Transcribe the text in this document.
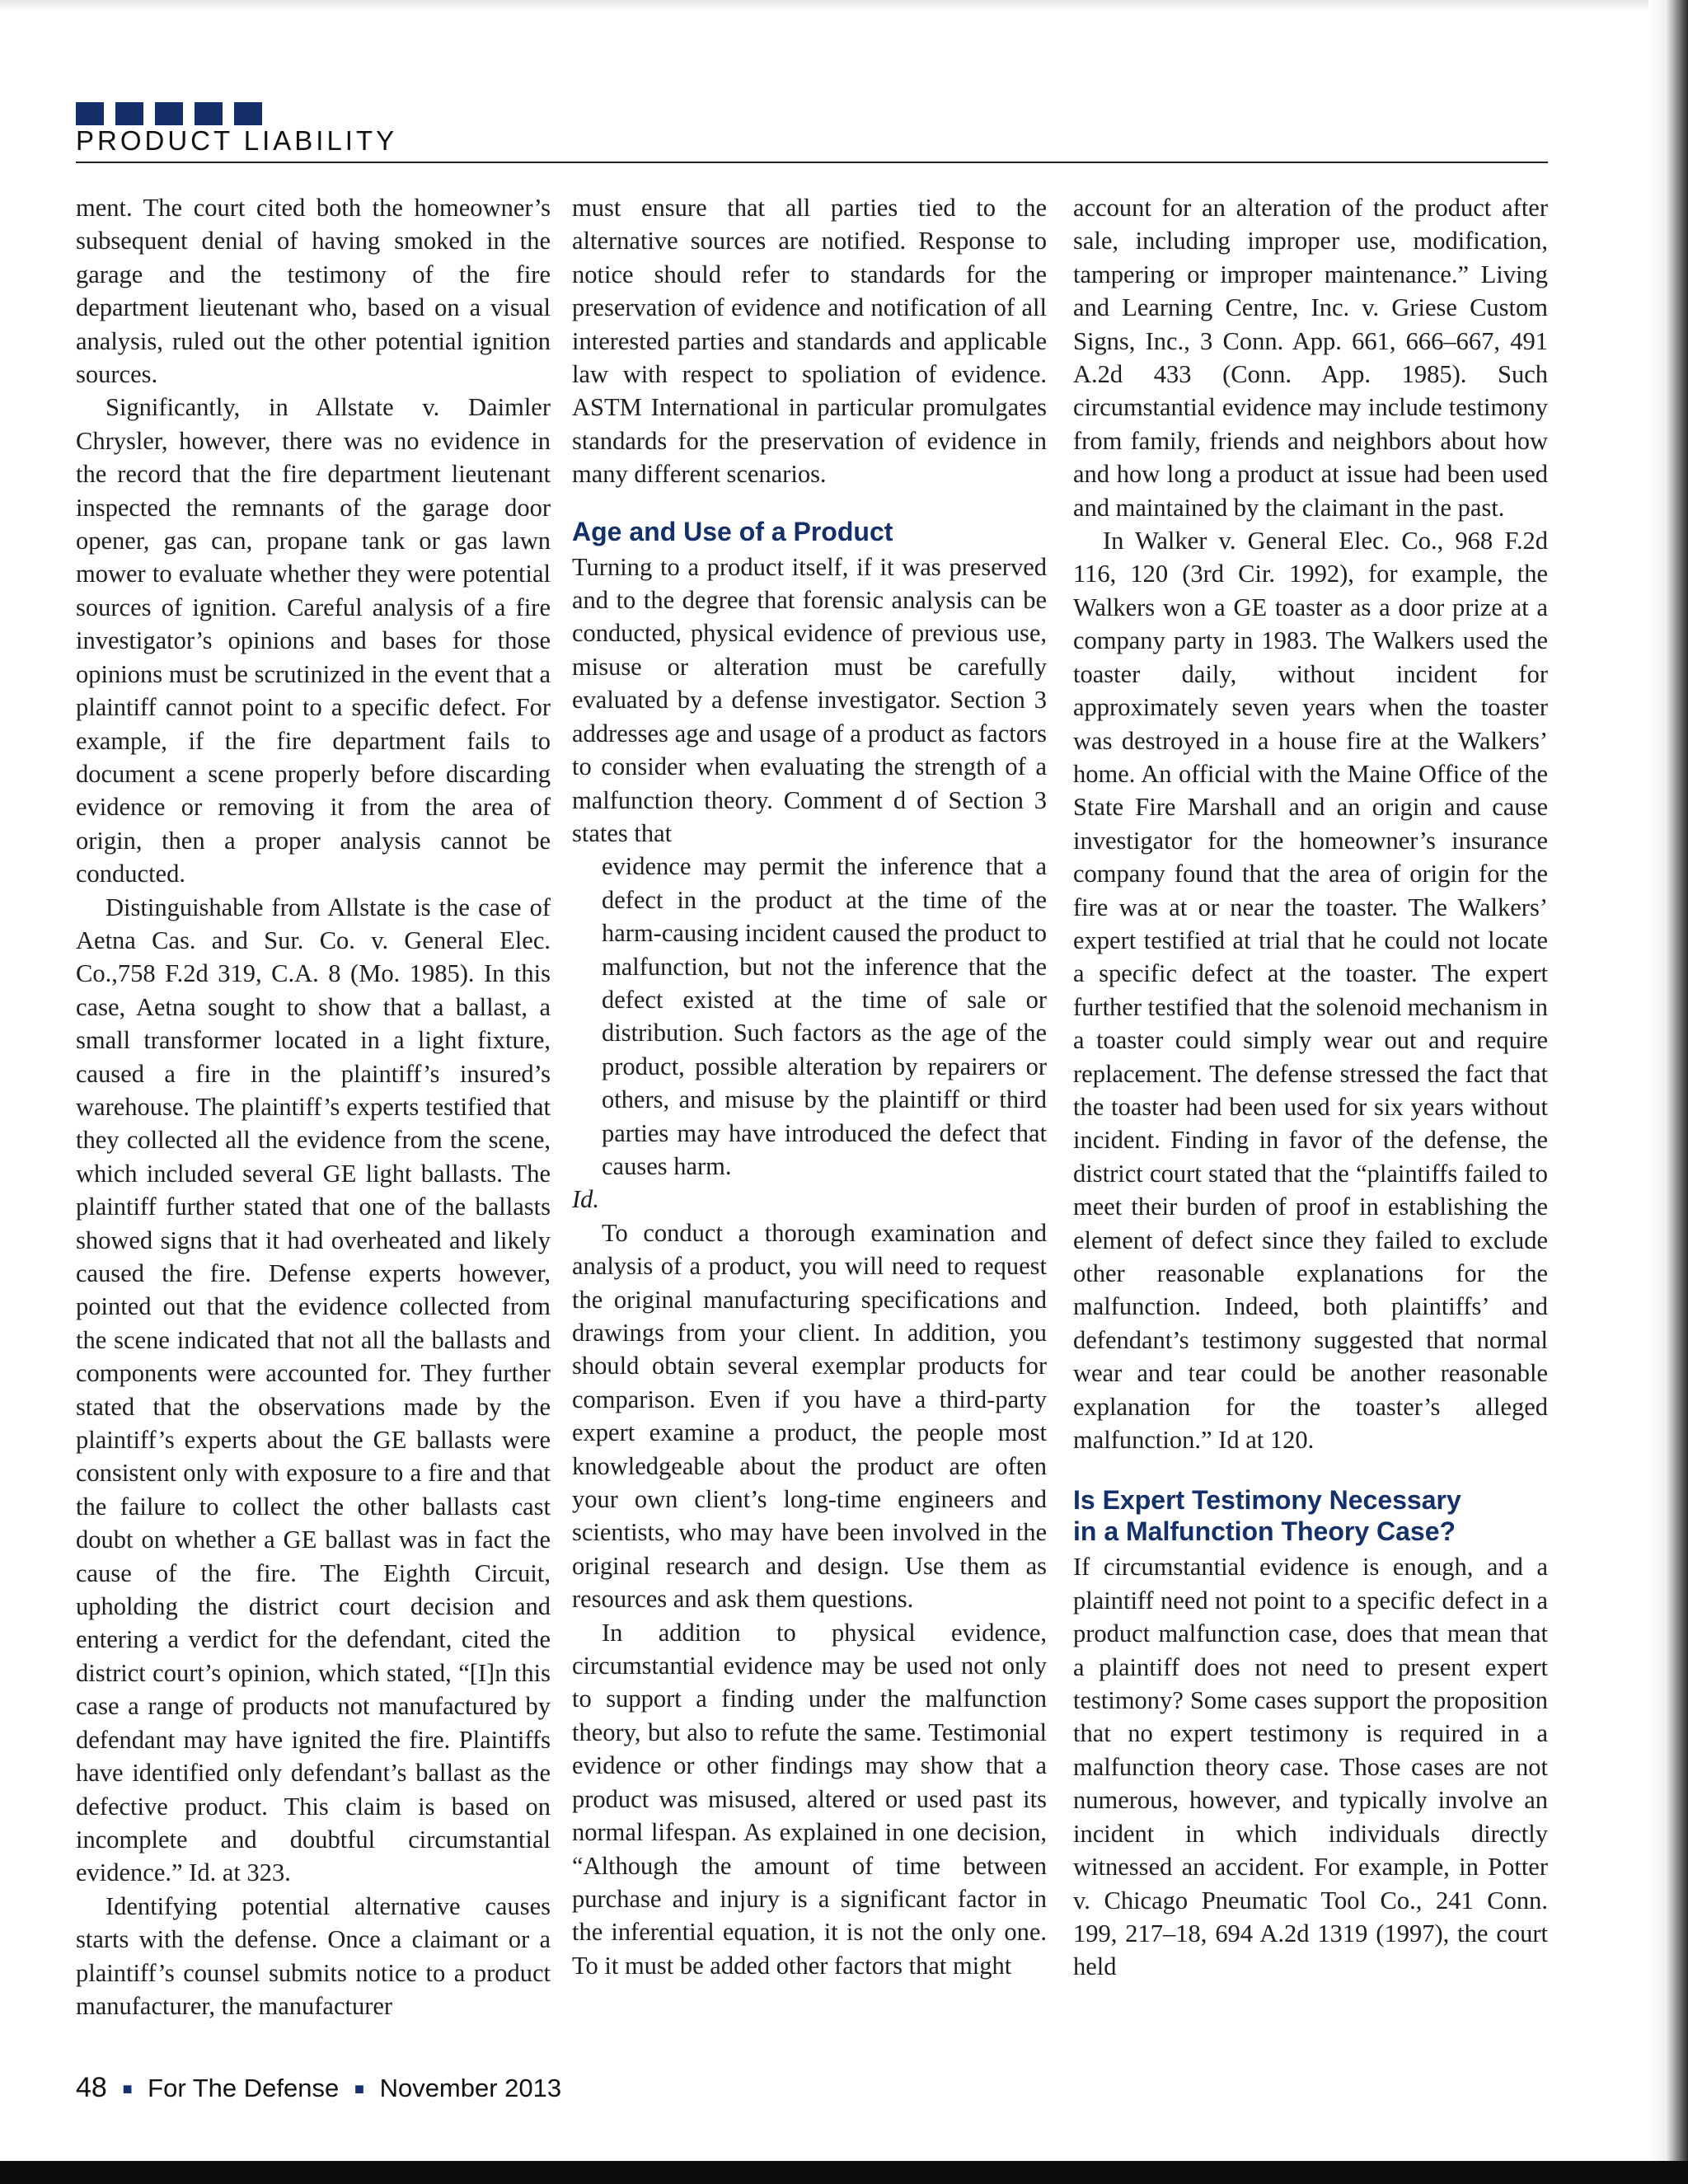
PRODUCT LIABILITY

ment. The court cited both the homeowner’s subsequent denial of having smoked in the garage and the testimony of the fire department lieutenant who, based on a visual analysis, ruled out the other potential ignition sources.

Significantly, in Allstate v. Daimler Chrysler, however, there was no evidence in the record that the fire department lieutenant inspected the remnants of the garage door opener, gas can, propane tank or gas lawn mower to evaluate whether they were potential sources of ignition. Careful analysis of a fire investigator’s opinions and bases for those opinions must be scrutinized in the event that a plaintiff cannot point to a specific defect. For example, if the fire department fails to document a scene properly before discarding evidence or removing it from the area of origin, then a proper analysis cannot be conducted.

Distinguishable from Allstate is the case of Aetna Cas. and Sur. Co. v. General Elec. Co.,758 F.2d 319, C.A. 8 (Mo. 1985). In this case, Aetna sought to show that a ballast, a small transformer located in a light fixture, caused a fire in the plaintiff’s insured’s warehouse. The plaintiff’s experts testified that they collected all the evidence from the scene, which included several GE light ballasts. The plaintiff further stated that one of the ballasts showed signs that it had overheated and likely caused the fire. Defense experts however, pointed out that the evidence collected from the scene indicated that not all the ballasts and components were accounted for. They further stated that the observations made by the plaintiff’s experts about the GE ballasts were consistent only with exposure to a fire and that the failure to collect the other ballasts cast doubt on whether a GE ballast was in fact the cause of the fire. The Eighth Circuit, upholding the district court decision and entering a verdict for the defendant, cited the district court’s opinion, which stated, “[I]n this case a range of products not manufactured by defendant may have ignited the fire. Plaintiffs have identified only defendant’s ballast as the defective product. This claim is based on incomplete and doubtful circumstantial evidence.” Id. at 323.

Identifying potential alternative causes starts with the defense. Once a claimant or a plaintiff’s counsel submits notice to a product manufacturer, the manufacturer

must ensure that all parties tied to the alternative sources are notified. Response to notice should refer to standards for the preservation of evidence and notification of all interested parties and standards and applicable law with respect to spoliation of evidence. ASTM International in particular promulgates standards for the preservation of evidence in many different scenarios.

Age and Use of a Product

Turning to a product itself, if it was preserved and to the degree that forensic analysis can be conducted, physical evidence of previous use, misuse or alteration must be carefully evaluated by a defense investigator. Section 3 addresses age and usage of a product as factors to consider when evaluating the strength of a malfunction theory. Comment d of Section 3 states that

evidence may permit the inference that a defect in the product at the time of the harm-causing incident caused the product to malfunction, but not the inference that the defect existed at the time of sale or distribution. Such factors as the age of the product, possible alteration by repairers or others, and misuse by the plaintiff or third parties may have introduced the defect that causes harm.

Id.

To conduct a thorough examination and analysis of a product, you will need to request the original manufacturing specifications and drawings from your client. In addition, you should obtain several exemplar products for comparison. Even if you have a third-party expert examine a product, the people most knowledgeable about the product are often your own client’s long-time engineers and scientists, who may have been involved in the original research and design. Use them as resources and ask them questions.

In addition to physical evidence, circumstantial evidence may be used not only to support a finding under the malfunction theory, but also to refute the same. Testimonial evidence or other findings may show that a product was misused, altered or used past its normal lifespan. As explained in one decision, “Although the amount of time between purchase and injury is a significant factor in the inferential equation, it is not the only one. To it must be added other factors that might

account for an alteration of the product after sale, including improper use, modification, tampering or improper maintenance.” Living and Learning Centre, Inc. v. Griese Custom Signs, Inc., 3 Conn. App. 661, 666–667, 491 A.2d 433 (Conn. App. 1985). Such circumstantial evidence may include testimony from family, friends and neighbors about how and how long a product at issue had been used and maintained by the claimant in the past.

In Walker v. General Elec. Co., 968 F.2d 116, 120 (3rd Cir. 1992), for example, the Walkers won a GE toaster as a door prize at a company party in 1983. The Walkers used the toaster daily, without incident for approximately seven years when the toaster was destroyed in a house fire at the Walkers’ home. An official with the Maine Office of the State Fire Marshall and an origin and cause investigator for the homeowner’s insurance company found that the area of origin for the fire was at or near the toaster. The Walkers’ expert testified at trial that he could not locate a specific defect at the toaster. The expert further testified that the solenoid mechanism in a toaster could simply wear out and require replacement. The defense stressed the fact that the toaster had been used for six years without incident. Finding in favor of the defense, the district court stated that the “plaintiffs failed to meet their burden of proof in establishing the element of defect since they failed to exclude other reasonable explanations for the malfunction. Indeed, both plaintiffs’ and defendant’s testimony suggested that normal wear and tear could be another reasonable explanation for the toaster’s alleged malfunction.” Id at 120.

Is Expert Testimony Necessary
in a Malfunction Theory Case?

If circumstantial evidence is enough, and a plaintiff need not point to a specific defect in a product malfunction case, does that mean that a plaintiff does not need to present expert testimony? Some cases support the proposition that no expert testimony is required in a malfunction theory case. Those cases are not numerous, however, and typically involve an incident in which individuals directly witnessed an accident. For example, in Potter v. Chicago Pneumatic Tool Co., 241 Conn. 199, 217–18, 694 A.2d 1319 (1997), the court held

48 ■ For The Defense ■ November 2013
